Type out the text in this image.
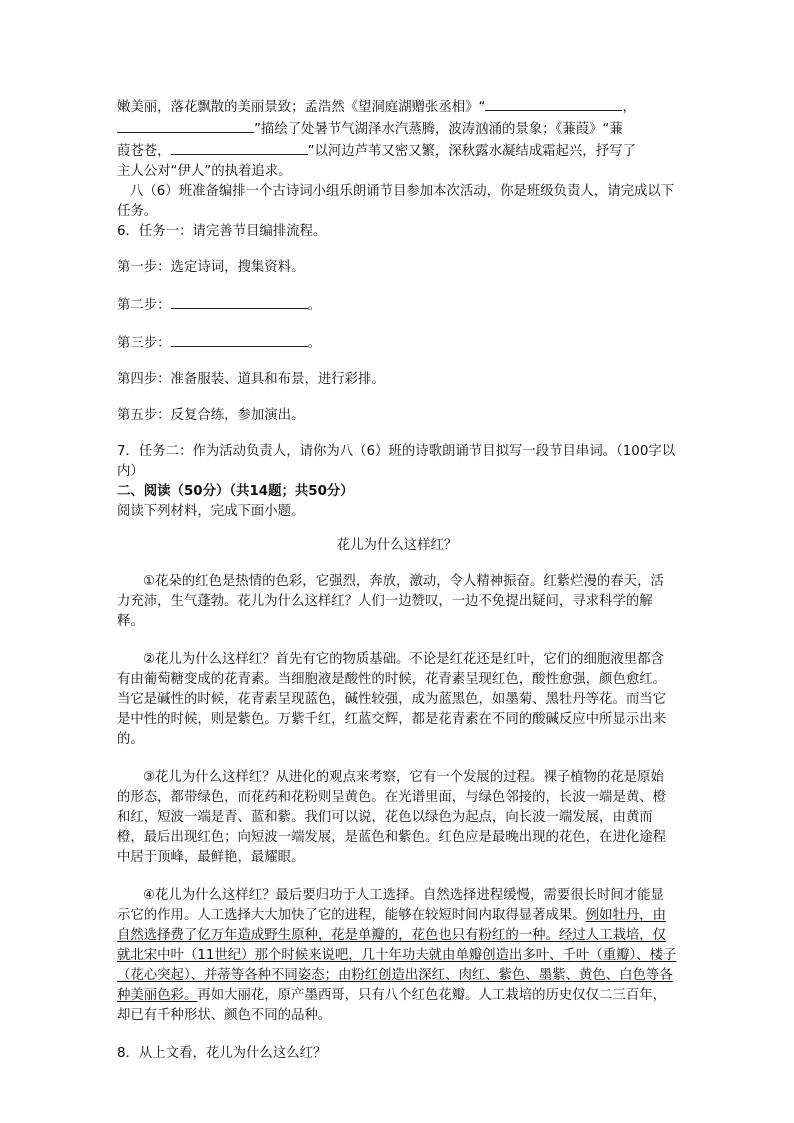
嫩美丽，落花飘散的美丽景致；孟浩然《望洞庭湖赠张丞相》“	，

”描绘了处暑节气湖泽水汽蒸腾，波涛汹涌的景象；《蒹葭》“蒹

葭苍苍，	”以河边芦苇又密又繁，深秋露水凝结成霜起兴，抒写了

主人公对“伊人”的执着追求。

八（6）班准备编排一个古诗词小组乐朗诵节目参加本次活动，你是班级负责人，请完成以下任务。

6．任务一：请完善节目编排流程。

第一步：选定诗词，搜集资料。

第二步：	。

第三步：	。

第四步：准备服装、道具和布景，进行彩排。

第五步：反复合练，参加演出。

7．任务二：作为活动负责人，请你为八（6）班的诗歌朗诵节目拟写一段节目串词。（100字以内）

二、阅读（50分）（共14题；共50分）

阅读下列材料，完成下面小题。

花儿为什么这样红？

①花朵的红色是热情的色彩，它强烈，奔放，激动，令人精神振奋。红紫烂漫的春天，活力充沛，生气蓬勃。花儿为什么这样红？人们一边赞叹，一边不免提出疑问，寻求科学的解释。

②花儿为什么这样红？首先有它的物质基础。不论是红花还是红叶，它们的细胞液里都含有由葡萄糖变成的花青素。当细胞液是酸性的时候，花青素呈现红色，酸性愈强，颜色愈红。当它是碱性的时候，花青素呈现蓝色，碱性较强，成为蓝黑色，如墨菊、黑牡丹等花。而当它是中性的时候，则是紫色。万紫千红，红蓝交辉，都是花青素在不同的酸碱反应中所显示出来的。

③花儿为什么这样红？从进化的观点来考察，它有一个发展的过程。裸子植物的花是原始的形态，都带绿色，而花药和花粉则呈黄色。在光谱里面，与绿色邻接的，长波一端是黄、橙和红，短波一端是青、蓝和紫。我们可以说，花色以绿色为起点，向长波一端发展，由黄而橙，最后出现红色；向短波一端发展，是蓝色和紫色。红色应是最晚出现的花色，在进化途程中居于顶峰，最鲜艳，最耀眼。

④花儿为什么这样红？最后要归功于人工选择。自然选择进程缓慢，需要很长时间才能显示它的作用。人工选择大大加快了它的进程，能够在较短时间内取得显著成果。例如牡丹，由自然选择费了亿万年造成野生原种，花是单瓣的，花色也只有粉红的一种。经过人工栽培，仅就北宋中叶（11世纪）那个时候来说吧，几十年功夫就由单瓣创造出多叶、千叶（重瓣）、楼子（花心突起）、并蒂等各种不同姿态；由粉红创造出深红、肉红、紫色、墨紫、黄色、白色等各种美丽色彩。再如大丽花，原产墨西哥，只有八个红色花瓣。人工栽培的历史仅仅二三百年，却已有千种形状、颜色不同的品种。

8．从上文看，花儿为什么这么红？
